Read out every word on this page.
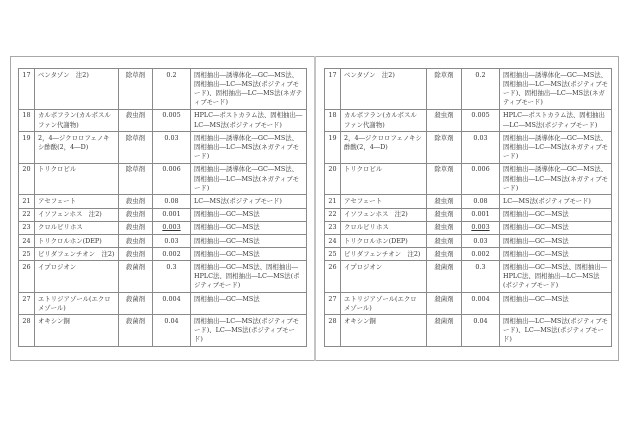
17	ベンタゾン　注2)	除草剤	0.2	固相抽出―誘導体化―GC―MS法、固相抽出―LC―MS法(ポジティブモード)、固相抽出―LC―MS法(ネガティブモード)
18	カルボフラン(カルボスルファン代謝物)	殺虫剤	0.005	HPLC―ポストカラム法、固相抽出―LC―MS法(ポジティブモード)
19	2，4―ジクロロフェノキシ酢酸(2，4―D)	除草剤	0.03	固相抽出―誘導体化―GC―MS法、固相抽出―LC―MS法(ネガティブモード)
20	トリクロピル	除草剤	0.006	固相抽出―誘導体化―GC―MS法、固相抽出―LC―MS法(ネガティブモード)
21	アセフェート	殺虫剤	0.08	LC―MS法(ポジティブモード)
22	イソフェンホス　注2)	殺虫剤	0.001	固相抽出―GC―MS法
23	クロルピリホス	殺虫剤	0.003	固相抽出―GC―MS法
24	トリクロルホン(DEP)	殺虫剤	0.03	固相抽出―GC―MS法
25	ピリダフェンチオン　注2)	殺虫剤	0.002	固相抽出―GC―MS法
26	イプロジオン	殺菌剤	0.3	固相抽出―GC―MS法、固相抽出―HPLC法、固相抽出―LC―MS法(ポジティブモード)
27	エトリジアゾール(エクロメゾール)	殺菌剤	0.004	固相抽出―GC―MS法
28	オキシン銅	殺菌剤	0.04	固相抽出―LC―MS法(ポジティブモード)、LC―MS法(ポジティブモード)
17	ベンタゾン　注2)	除草剤	0.2	固相抽出―誘導体化―GC―MS法、固相抽出―LC―MS法(ポジティブモード)、固相抽出―LC―MS法(ネガティブモード)
18	カルボフラン(カルボスルファン代謝物)	殺虫剤	0.005	HPLC―ポストカラム法、固相抽出―LC―MS法(ポジティブモード)
19	2，4―ジクロロフェノキシ酢酸(2，4―D)	除草剤	0.03	固相抽出―誘導体化―GC―MS法、固相抽出―LC―MS法(ネガティブモード)
20	トリクロピル	除草剤	0.006	固相抽出―誘導体化―GC―MS法、固相抽出―LC―MS法(ネガティブモード)
21	アセフェート	殺虫剤	0.08	LC―MS法(ポジティブモード)
22	イソフェンホス　注2)	殺虫剤	0.001	固相抽出―GC―MS法
23	クロルピリホス	殺虫剤	0.003	固相抽出―GC―MS法
24	トリクロルホン(DEP)	殺虫剤	0.03	固相抽出―GC―MS法
25	ピリダフェンチオン　注2)	殺虫剤	0.002	固相抽出―GC―MS法
26	イプロジオン	殺菌剤	0.3	固相抽出―GC―MS法、固相抽出―HPLC法、固相抽出―LC―MS法(ポジティブモード)
27	エトリジアゾール(エクロメゾール)	殺菌剤	0.004	固相抽出―GC―MS法
28	オキシン銅	殺菌剤	0.04	固相抽出―LC―MS法(ポジティブモード)、LC―MS法(ポジティブモード)
